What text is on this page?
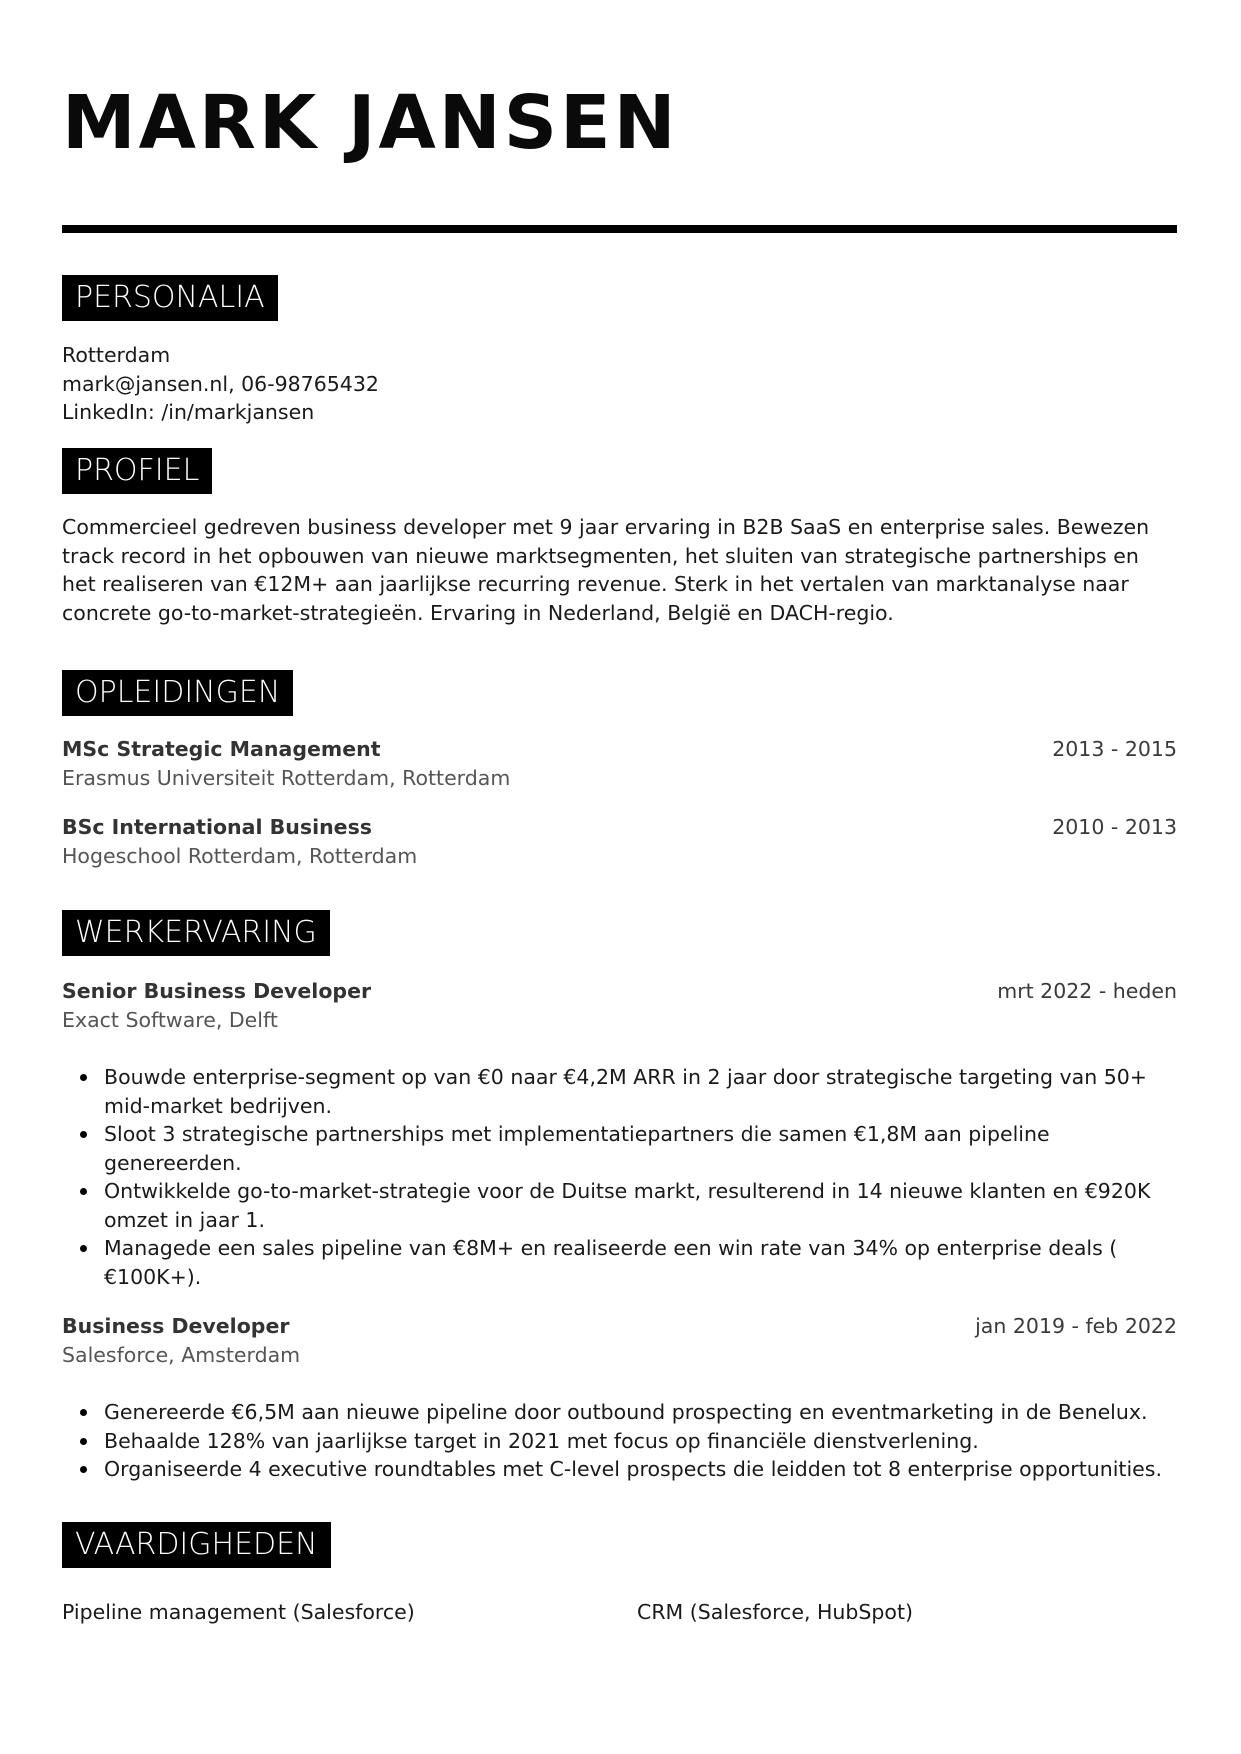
MARK JANSEN
PERSONALIA
Rotterdam
mark@jansen.nl, 06-98765432
LinkedIn: /in/markjansen
PROFIEL
Commercieel gedreven business developer met 9 jaar ervaring in B2B SaaS en enterprise sales. Bewezen track record in het opbouwen van nieuwe marktsegmenten, het sluiten van strategische partnerships en het realiseren van €12M+ aan jaarlijkse recurring revenue. Sterk in het vertalen van marktanalyse naar concrete go-to-market-strategieën. Ervaring in Nederland, België en DACH-regio.
OPLEIDINGEN
MSc Strategic Management	2013 - 2015
Erasmus Universiteit Rotterdam, Rotterdam
BSc International Business	2010 - 2013
Hogeschool Rotterdam, Rotterdam
WERKERVARING
Senior Business Developer	mrt 2022 - heden
Exact Software, Delft
Bouwde enterprise-segment op van €0 naar €4,2M ARR in 2 jaar door strategische targeting van 50+ mid-market bedrijven.
Sloot 3 strategische partnerships met implementatiepartners die samen €1,8M aan pipeline genereerden.
Ontwikkelde go-to-market-strategie voor de Duitse markt, resulterend in 14 nieuwe klanten en €920K omzet in jaar 1.
Managede een sales pipeline van €8M+ en realiseerde een win rate van 34% op enterprise deals ( €100K+).
Business Developer	jan 2019 - feb 2022
Salesforce, Amsterdam
Genereerde €6,5M aan nieuwe pipeline door outbound prospecting en eventmarketing in de Benelux.
Behaalde 128% van jaarlijkse target in 2021 met focus op financiële dienstverlening.
Organiseerde 4 executive roundtables met C-level prospects die leidden tot 8 enterprise opportunities.
VAARDIGHEDEN
Pipeline management (Salesforce)	CRM (Salesforce, HubSpot)
